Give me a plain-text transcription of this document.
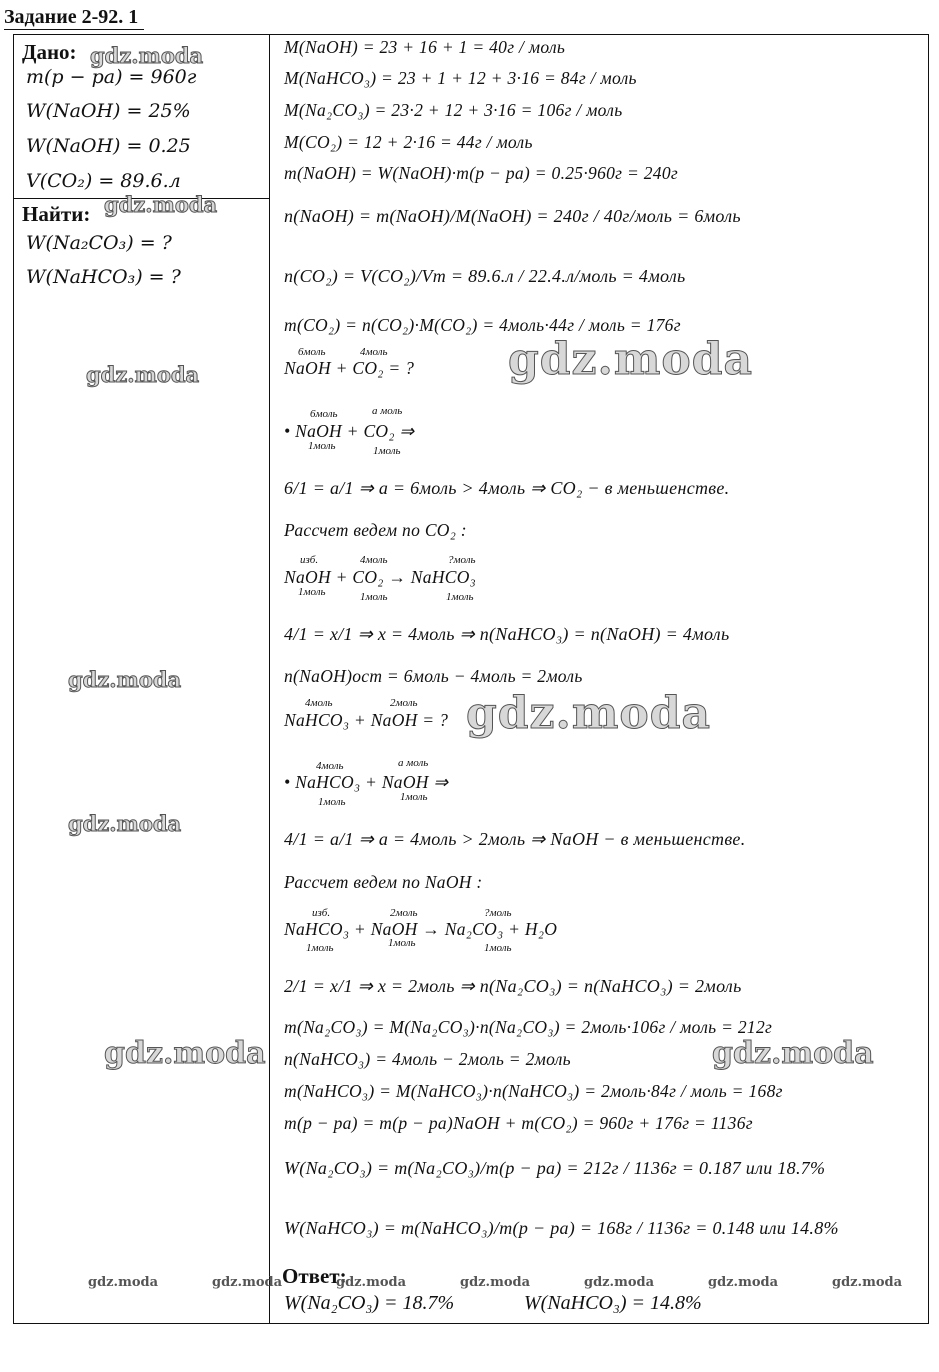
Задание 2-92. 1
Дано:
m(p − pa) = 960г
W(NaOH) = 25%
W(NaOH) = 0.25
V(CO₂) = 89.6.л
Найти:
W(Na₂CO₃) = ?
W(NaHCO₃) = ?
M(NaOH) = 23 + 16 + 1 = 40г / моль
M(NaHCO₃) = 23 + 1 + 12 + 3·16 = 84г / моль
M(Na₂CO₃) = 23·2 + 12 + 3·16 = 106г / моль
M(CO₂) = 12 + 2·16 = 44г / моль
m(NaOH) = W(NaOH)·m(p − pa) = 0.25·960г = 240г
n(NaOH) = m(NaOH)/M(NaOH) = 240г / 40г/моль = 6моль
n(CO₂) = V(CO₂)/Vm = 89.6.л / 22.4.л/моль = 4моль
m(CO₂) = n(CO₂)·M(CO₂) = 4моль·44г / моль = 176г
6моль	4моль
NaOH + CO₂ = ?
6моль	a моль
• NaOH + CO₂ ⇒
1моль	1моль
6/1 = a/1 ⇒ a = 6моль > 4моль ⇒ CO₂ − в меньшенстве.
Рассчет ведем по CO₂ :
изб.	4моль	?моль
NaOH + CO₂ → NaHCO₃
1моль	1моль	1моль
4/1 = x/1 ⇒ x = 4моль ⇒ n(NaHCO₃) = n(NaOH) = 4моль
n(NaOH)ост = 6моль − 4моль = 2моль
4моль	2моль
NaHCO₃ + NaOH = ?
4моль	a моль
• NaHCO₃ + NaOH ⇒
1моль	1моль
4/1 = a/1 ⇒ a = 4моль > 2моль ⇒ NaOH − в меньшенстве.
Рассчет ведем по NaOH :
изб.	2моль	?моль
NaHCO₃ + NaOH → Na₂CO₃ + H₂O
1моль	1моль	1моль
2/1 = x/1 ⇒ x = 2моль ⇒ n(Na₂CO₃) = n(NaHCO₃) = 2моль
m(Na₂CO₃) = M(Na₂CO₃)·n(Na₂CO₃) = 2моль·106г / моль = 212г
n(NaHCO₃) = 4моль − 2моль = 2моль
m(NaHCO₃) = M(NaHCO₃)·n(NaHCO₃) = 2моль·84г / моль = 168г
m(p − pa) = m(p − pa)NaOH + m(CO₂) = 960г + 176г = 1136г
W(Na₂CO₃) = m(Na₂CO₃)/m(p − pa) = 212г / 1136г = 0.187 или 18.7%
W(NaHCO₃) = m(NaHCO₃)/m(p − pa) = 168г / 1136г = 0.148 или 14.8%
Ответ:
W(Na₂CO₃) = 18.7%	W(NaHCO₃) = 14.8%
gdz.moda
gdz.moda
gdz.moda	gdz.moda
gdz.moda
gdz.moda
gdz.moda
gdz.moda	gdz.moda
gdz.moda	gdz.moda	gdz.moda	gdz.moda	gdz.moda	gdz.moda	gdz.moda
